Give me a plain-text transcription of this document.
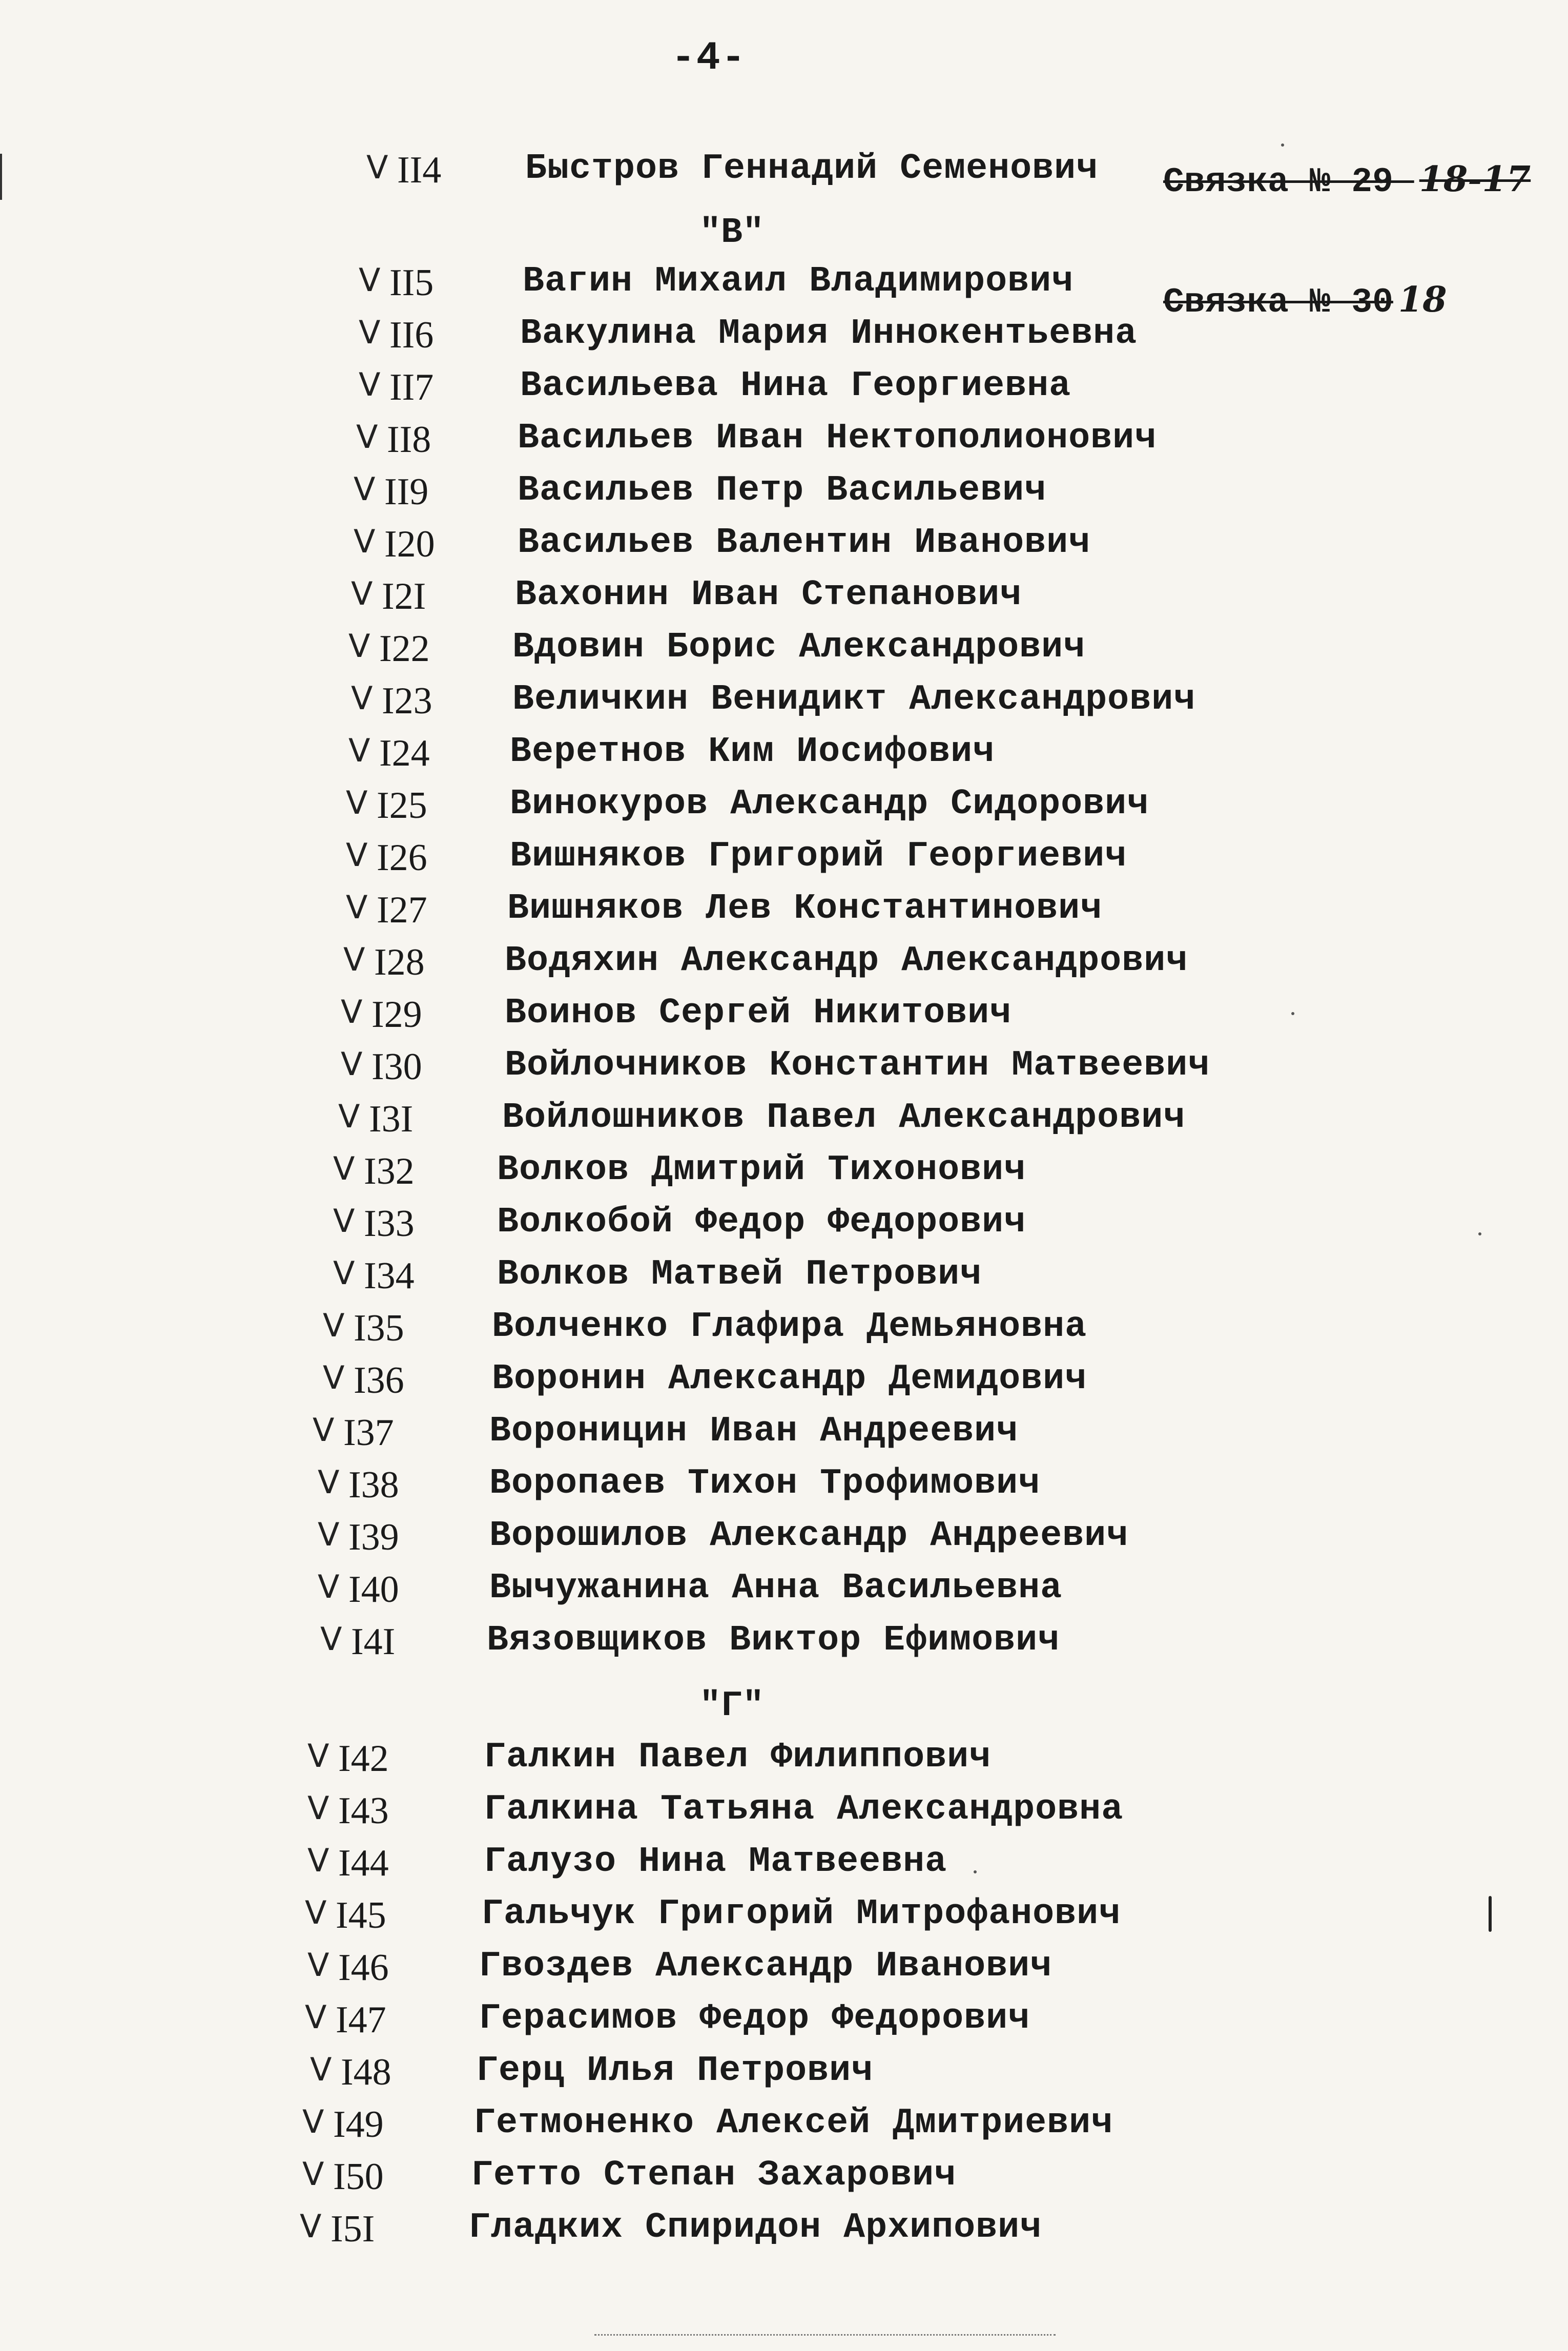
-4-
Связка № 29 18-17
Связка № 30 18
"В"
"Г"
V II4 Быстров Геннадий Семенович
V II5 Вагин Михаил Владимирович
V II6 Вакулина Мария Иннокентьевна
V II7 Васильева Нина Георгиевна
V II8 Васильев Иван Нектополионович
V II9 Васильев Петр Васильевич
V I20 Васильев Валентин Иванович
V I2I Вахонин Иван Степанович
V I22 Вдовин Борис Александрович
V I23 Величкин Венидикт Александрович
V I24 Веретнов Ким Иосифович
V I25 Винокуров Александр Сидорович
V I26 Вишняков Григорий Георгиевич
V I27 Вишняков Лев Константинович
V I28 Водяхин Александр Александрович
V I29 Воинов Сергей Никитович
V I30 Войлочников Константин Матвеевич
V I3I Войлошников Павел Александрович
V I32 Волков Дмитрий Тихонович
V I33 Волкобой Федор Федорович
V I34 Волков Матвей Петрович
V I35 Волченко Глафира Демьяновна
V I36 Воронин Александр Демидович
V I37	Вороницин Иван Андреевич
V I38	Воропаев Тихон Трофимович
V I39	Ворошилов Александр Андреевич
V I40	Вычужанина Анна Васильевна
V I4I	Вязовщиков Виктор Ефимович
V I42	Галкин Павел Филиппович
V I43	Галкина Татьяна Александровна
V I44	Галузо Нина Матвеевна
V I45	Гальчук Григорий Митрофанович
V I46	Гвоздев Александр Иванович
V I47	Герасимов Федор Федорович
V I48 Герц Илья Петрович
V I49	Гетмоненко Алексей Дмитриевич
V I50 Гетто Степан Захарович
V I5I	Гладких Спиридон Архипович
